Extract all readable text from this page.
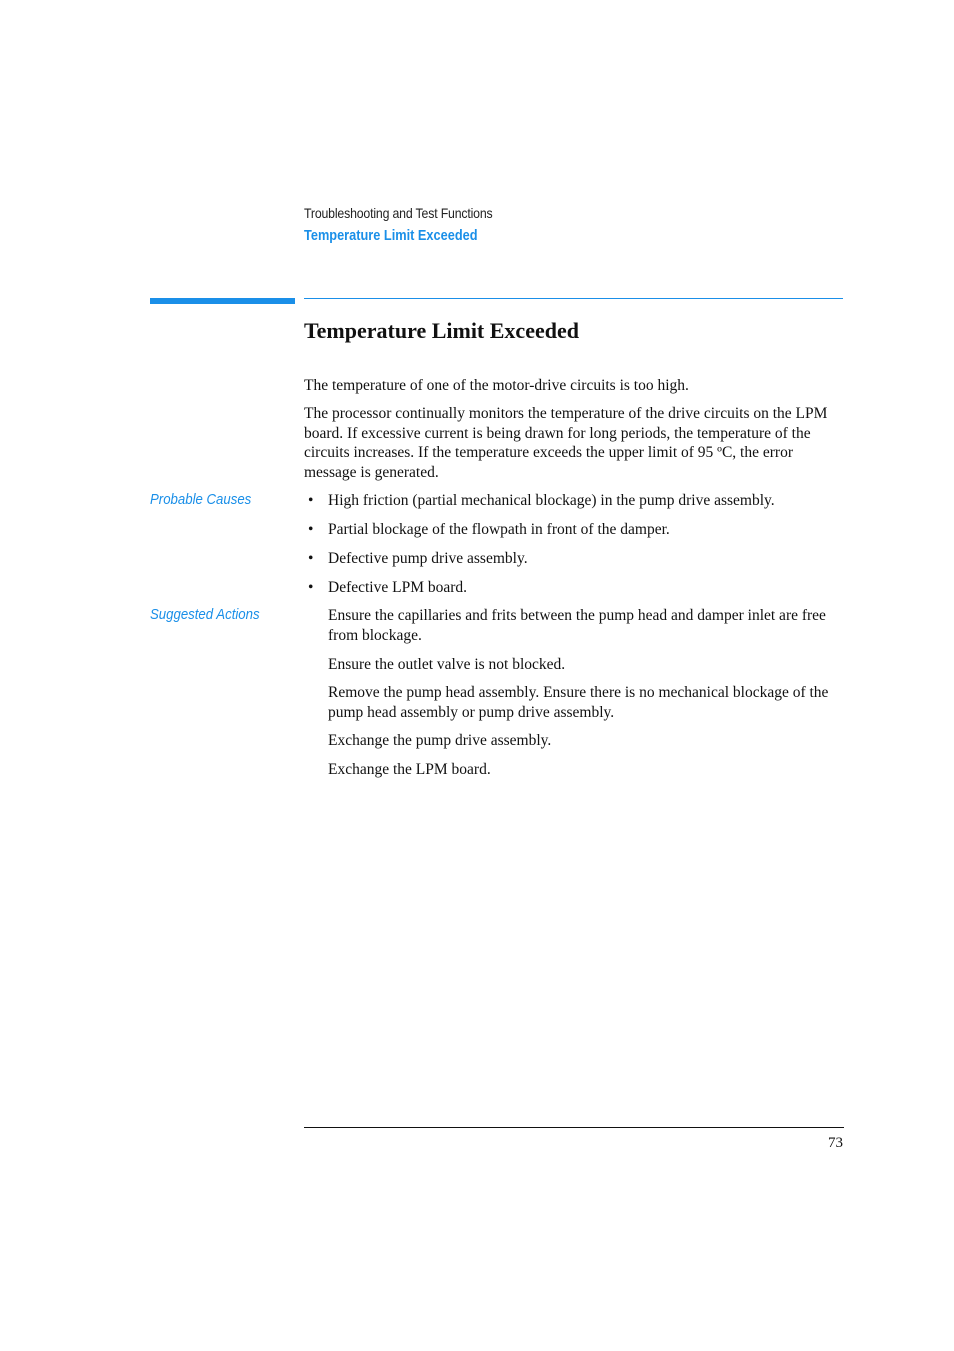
Troubleshooting and Test Functions
Temperature Limit Exceeded
Temperature Limit Exceeded

The temperature of one of the motor-drive circuits is too high.

The processor continually monitors the temperature of the drive circuits on the LPM board. If excessive current is being drawn for long periods, the temperature of the circuits increases. If the temperature exceeds the upper limit of 95 ºC, the error message is generated.

Probable Causes	• High friction (partial mechanical blockage) in the pump drive assembly.
• Partial blockage of the flowpath in front of the damper.
• Defective pump drive assembly.
• Defective LPM board.
Suggested Actions	Ensure the capillaries and frits between the pump head and damper inlet are free from blockage.

Ensure the outlet valve is not blocked.

Remove the pump head assembly. Ensure there is no mechanical blockage of the pump head assembly or pump drive assembly.

Exchange the pump drive assembly.

Exchange the LPM board.

73
